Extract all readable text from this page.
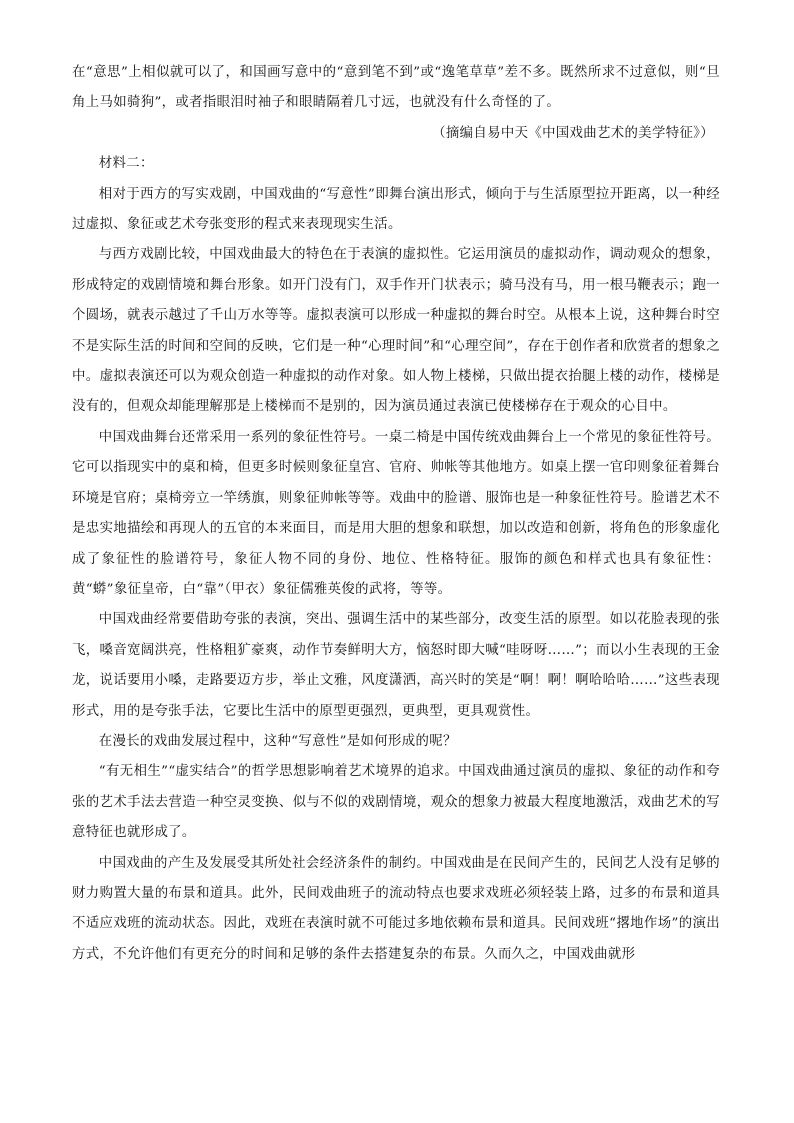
在“意思”上相似就可以了，和国画写意中的“意到笔不到”或“逸笔草草”差不多。既然所求不过意似，则“旦角上马如骑狗”，或者指眼泪时袖子和眼睛隔着几寸远，也就没有什么奇怪的了。

（摘编自易中天《中国戏曲艺术的美学特征》）

材料二：

相对于西方的写实戏剧，中国戏曲的“写意性”即舞台演出形式，倾向于与生活原型拉开距离，以一种经过虚拟、象征或艺术夸张变形的程式来表现现实生活。

与西方戏剧比较，中国戏曲最大的特色在于表演的虚拟性。它运用演员的虚拟动作，调动观众的想象，形成特定的戏剧情境和舞台形象。如开门没有门，双手作开门状表示；骑马没有马，用一根马鞭表示；跑一个圆场，就表示越过了千山万水等等。虚拟表演可以形成一种虚拟的舞台时空。从根本上说，这种舞台时空不是实际生活的时间和空间的反映，它们是一种“心理时间”和“心理空间”，存在于创作者和欣赏者的想象之中。虚拟表演还可以为观众创造一种虚拟的动作对象。如人物上楼梯，只做出提衣抬腿上楼的动作，楼梯是没有的，但观众却能理解那是上楼梯而不是别的，因为演员通过表演已使楼梯存在于观众的心目中。

中国戏曲舞台还常采用一系列的象征性符号。一桌二椅是中国传统戏曲舞台上一个常见的象征性符号。它可以指现实中的桌和椅，但更多时候则象征皇宫、官府、帅帐等其他地方。如桌上摆一官印则象征着舞台环境是官府；桌椅旁立一竿绣旗，则象征帅帐等等。戏曲中的脸谱、服饰也是一种象征性符号。脸谱艺术不是忠实地描绘和再现人的五官的本来面目，而是用大胆的想象和联想，加以改造和创新，将角色的形象虚化成了象征性的脸谱符号，象征人物不同的身份、地位、性格特征。服饰的颜色和样式也具有象征性：黄“蟒”象征皇帝，白“靠”（甲衣）象征儒雅英俊的武将，等等。

中国戏曲经常要借助夸张的表演，突出、强调生活中的某些部分，改变生活的原型。如以花脸表现的张飞，嗓音宽阔洪亮，性格粗犷豪爽，动作节奏鲜明大方，恼怒时即大喊“哇呀呀……”；而以小生表现的王金龙，说话要用小嗓，走路要迈方步，举止文雅，风度潇洒，高兴时的笑是“啊！啊！啊哈哈哈……”这些表现形式，用的是夸张手法，它要比生活中的原型更强烈，更典型，更具观赏性。

在漫长的戏曲发展过程中，这种“写意性”是如何形成的呢？

“有无相生”“虚实结合”的哲学思想影响着艺术境界的追求。中国戏曲通过演员的虚拟、象征的动作和夸张的艺术手法去营造一种空灵变换、似与不似的戏剧情境，观众的想象力被最大程度地激活，戏曲艺术的写意特征也就形成了。

中国戏曲的产生及发展受其所处社会经济条件的制约。中国戏曲是在民间产生的，民间艺人没有足够的财力购置大量的布景和道具。此外，民间戏曲班子的流动特点也要求戏班必须轻装上路，过多的布景和道具不适应戏班的流动状态。因此，戏班在表演时就不可能过多地依赖布景和道具。民间戏班“撂地作场”的演出方式，不允许他们有更充分的时间和足够的条件去搭建复杂的布景。久而久之，中国戏曲就形
